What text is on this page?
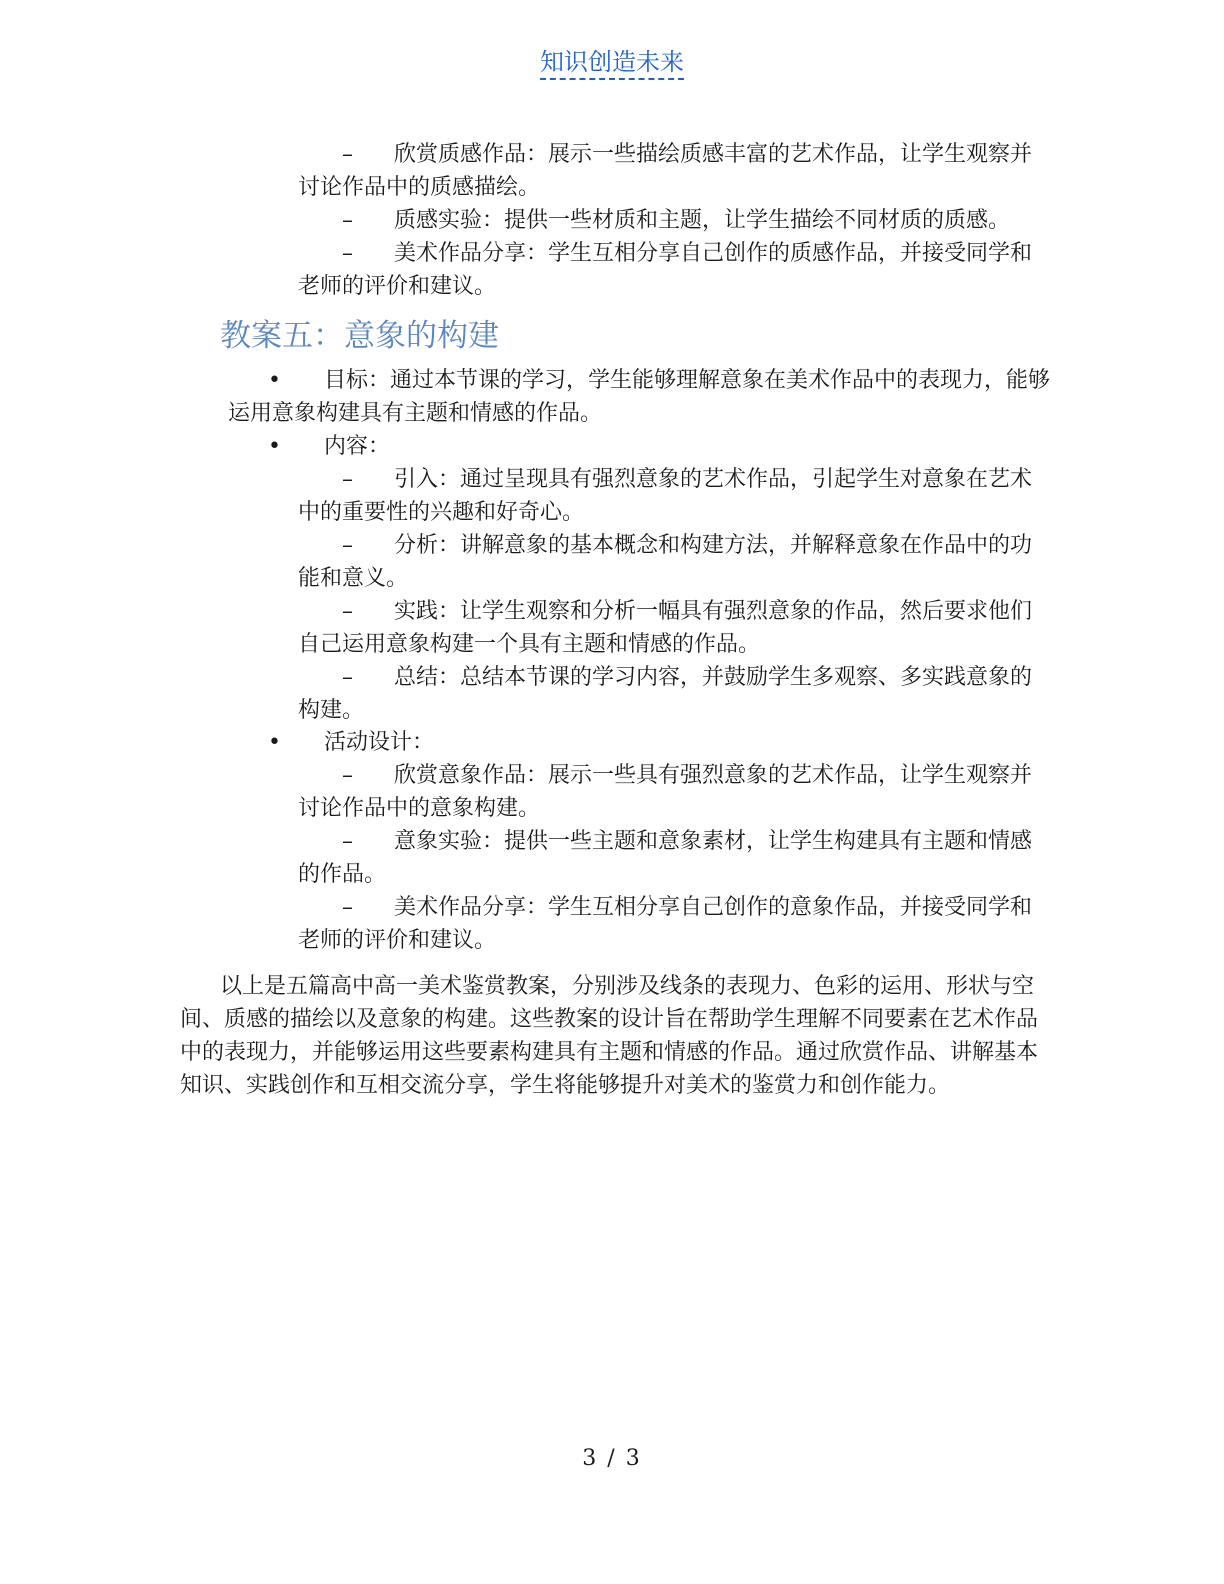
知识创造未来

– 欣赏质感作品：展示一些描绘质感丰富的艺术作品，让学生观察并讨论作品中的质感描绘。

– 质感实验：提供一些材质和主题，让学生描绘不同材质的质感。

– 美术作品分享：学生互相分享自己创作的质感作品，并接受同学和老师的评价和建议。

教案五：意象的构建

• 目标：通过本节课的学习，学生能够理解意象在美术作品中的表现力，能够运用意象构建具有主题和情感的作品。

• 内容：

– 引入：通过呈现具有强烈意象的艺术作品，引起学生对意象在艺术中的重要性的兴趣和好奇心。

– 分析：讲解意象的基本概念和构建方法，并解释意象在作品中的功能和意义。

– 实践：让学生观察和分析一幅具有强烈意象的作品，然后要求他们自己运用意象构建一个具有主题和情感的作品。

– 总结：总结本节课的学习内容，并鼓励学生多观察、多实践意象的构建。

• 活动设计：

– 欣赏意象作品：展示一些具有强烈意象的艺术作品，让学生观察并讨论作品中的意象构建。

– 意象实验：提供一些主题和意象素材，让学生构建具有主题和情感的作品。

– 美术作品分享：学生互相分享自己创作的意象作品，并接受同学和老师的评价和建议。

以上是五篇高中高一美术鉴赏教案，分别涉及线条的表现力、色彩的运用、形状与空间、质感的描绘以及意象的构建。这些教案的设计旨在帮助学生理解不同要素在艺术作品中的表现力，并能够运用这些要素构建具有主题和情感的作品。通过欣赏作品、讲解基本知识、实践创作和互相交流分享，学生将能够提升对美术的鉴赏力和创作能力。

3 / 3
